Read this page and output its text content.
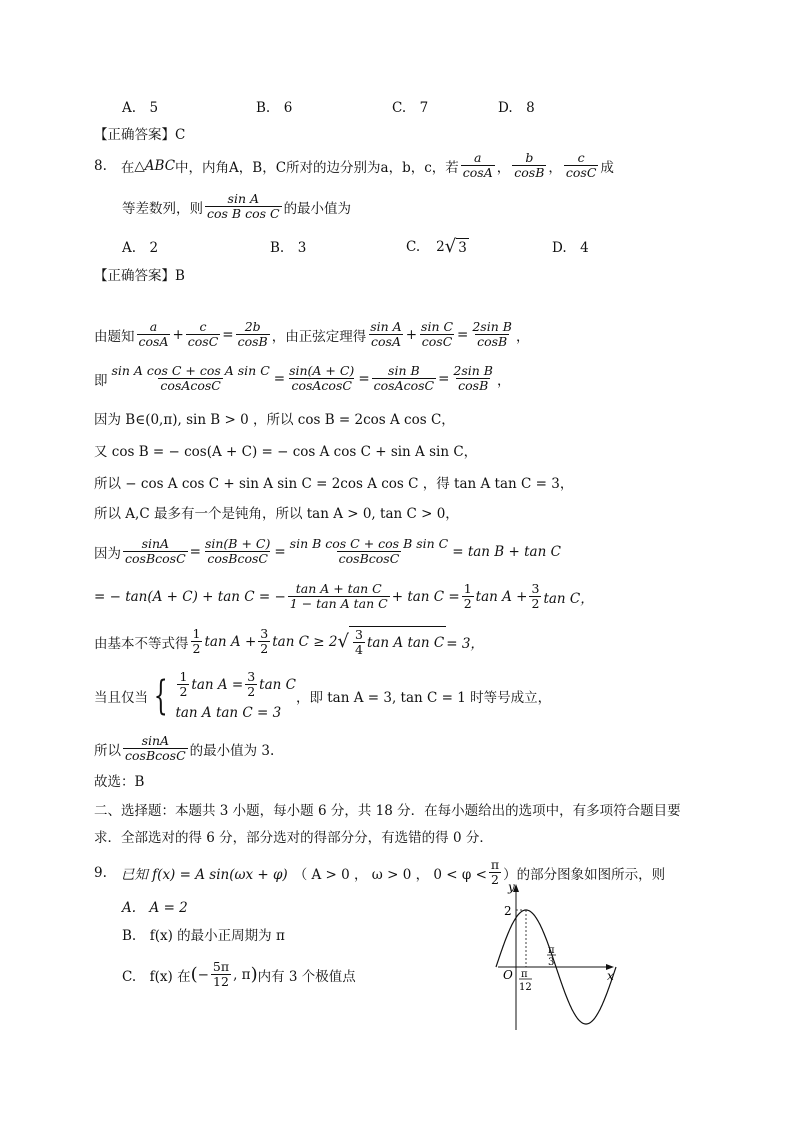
A.　5	B.　6	C.　7	D.　8
【正确答案】C
8. 在 △ABC 中，内角A，B，C所对的边分别为a，b，c，若 $\frac{a}{\cos A}$ ， $\frac{b}{\cos B}$ ， $\frac{c}{\cos C}$ 成
等差数列，则 $\frac{\text{sin A}}{\text{cos B cos C}}$ 的最小值为
A.　2	B.　3	C. 2 √ 3	D.　4
【正确答案】B
由题知 $\frac{a}{\cos A} + \frac{c}{\cos C} = \frac{2b}{\cos B}$ ，由正弦定理得 $\frac{\text{sin A}}{\cos A} + \frac{\text{sin C}}{\cos C} = \frac{\text{2sin B}}{\cos B}$ ，
即 $\frac{\text{sin A cos C + cos A sin C}}{\text{cosAcosC}} = \frac{\sin(A + C)}{\text{cosAcosC}} = \frac{\text{sin B}}{\text{cosAcosC}} = \frac{\text{2sin B}}{\cos B}$ ，
因为 B∈(0,π), sin B > 0 ，所以 cos B = 2cos A cos C，
又 cos B = − cos(A + C) = − cos A cos C + sin A sin C，
所以 − cos A cos C + sin A sin C = 2cos A cos C ，得 tan A tan C = 3，
所以 A,C 最多有一个是钝角，所以 tan A > 0, tan C > 0，
因为 $\frac{\sin A}{\text{cosBcosC}} = \frac{\sin(B + C)}{\text{cosBcosC}} = \frac{\text{sin B cos C + cos B sin C}}{\text{cosBcosC}} = \tan B + \tan C$
= − tan(A + C) + tan C = − $\frac{\text{tan A + tan C}}{\text{1 − tan A tan C}} + \tan C = \frac{1}{2}$ $\tan A + \frac{3}{2}$ tan C，
由基本不等式得 $\frac{1}{2}$ $\tan A + \frac{3}{2}$ tan C ≥ 2 √ $\frac{3}{4}$ tan A tan C = 3，
当且仅当 { $\frac{1}{2}$ $\tan A = \frac{3}{2}$ tan C
tan A tan C = 3
，即 tan A = 3, tan C = 1 时等号成立，
所以 $\frac{\sin A}{\text{cosBcosC}}$ 的最小值为 3.
故选：B
二、选择题：本题共 3 小题，每小题 6 分，共 18 分．在每小题给出的选项中，有多项符合题目要
求．全部选对的得 6 分，部分选对的得部分分，有选错的得 0 分．
9. 已知 f(x) = A sin(ωx + φ) （ A > 0 ， ω > 0 ， $0 < \varphi < \frac{\pi}{2}$ ）的部分图象如图所示，则
A.　A = 2
B.　f(x) 的最小正周期为 π
C.　f(x) 在 ( − $\frac{5\pi}{12}$ , π ) 内有 3 个极值点
y
x
O
2
π
12
π
3
